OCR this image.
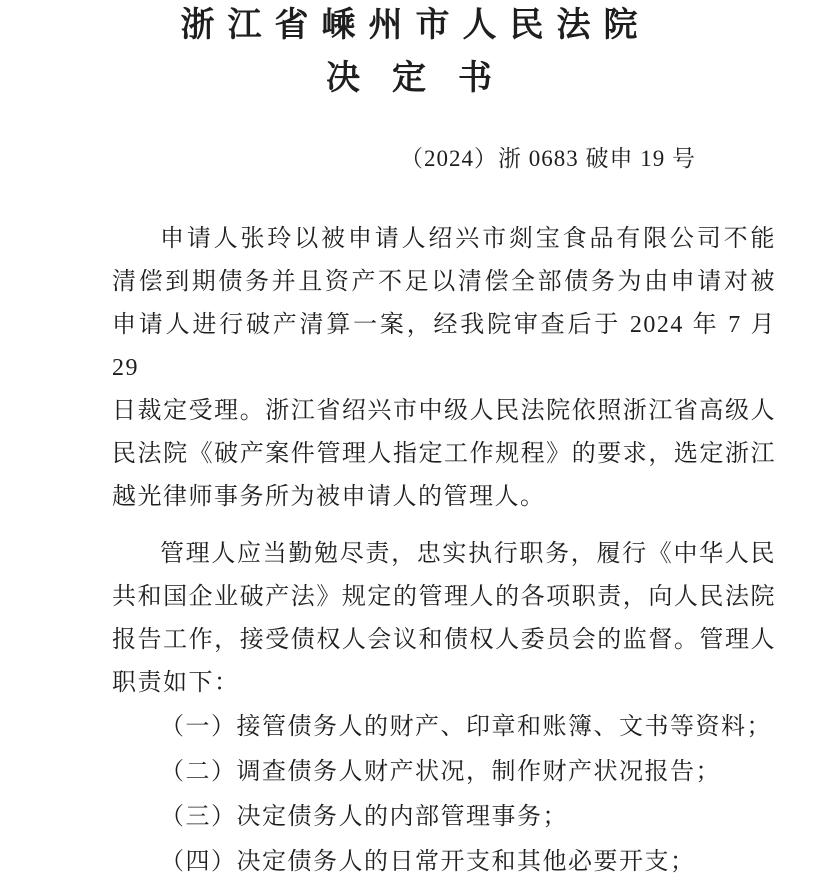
浙江省嵊州市人民法院
决定书
（2024）浙 0683 破申 19 号

申请人张玲以被申请人绍兴市剡宝食品有限公司不能
清偿到期债务并且资产不足以清偿全部债务为由申请对被
申请人进行破产清算一案，经我院审查后于 2024 年 7 月 29
日裁定受理。浙江省绍兴市中级人民法院依照浙江省高级人
民法院《破产案件管理人指定工作规程》的要求，选定浙江
越光律师事务所为被申请人的管理人。

管理人应当勤勉尽责，忠实执行职务，履行《中华人民
共和国企业破产法》规定的管理人的各项职责，向人民法院
报告工作，接受债权人会议和债权人委员会的监督。管理人
职责如下：

（一）接管债务人的财产、印章和账簿、文书等资料；
（二）调查债务人财产状况，制作财产状况报告；
（三）决定债务人的内部管理事务；
（四）决定债务人的日常开支和其他必要开支；
